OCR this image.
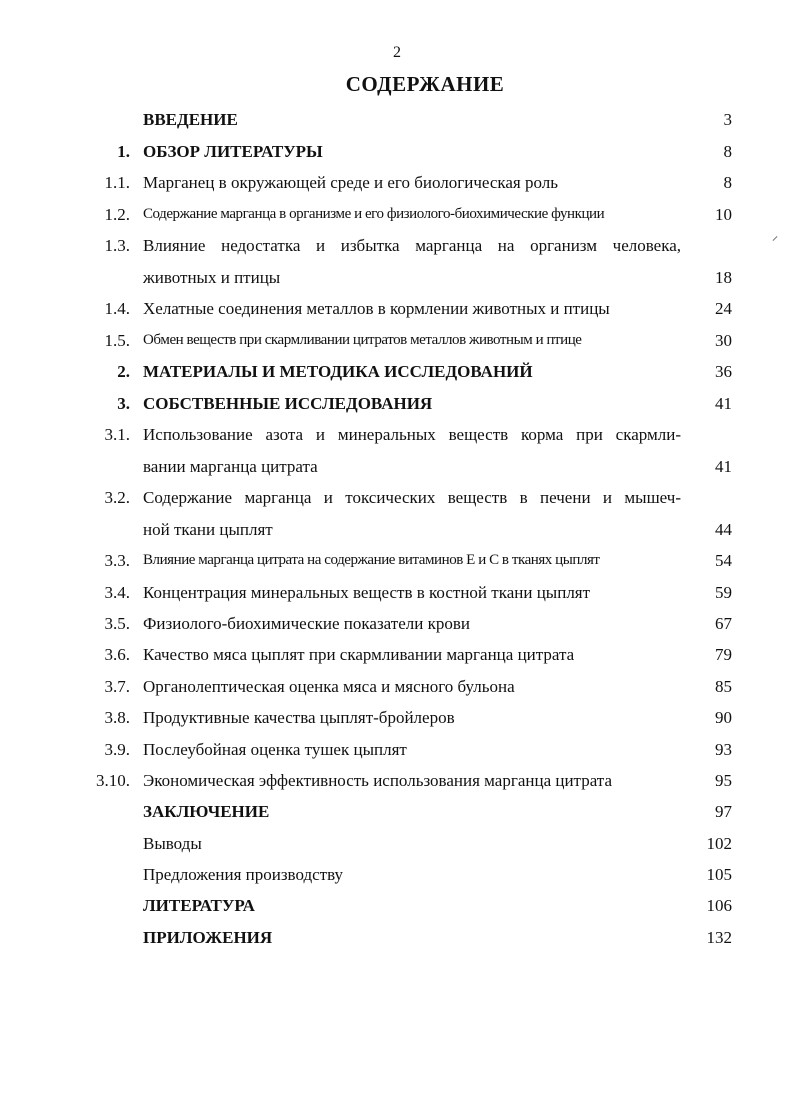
2
СОДЕРЖАНИЕ
ВВЕДЕНИЕ	3
1. ОБЗОР ЛИТЕРАТУРЫ	8
1.1. Марганец в окружающей среде и его биологическая роль	8
1.2. Содержание марганца в организме и его физиолого-биохимические функции	10
1.3. Влияние недостатка и избытка марганца на организм человека,
животных и птицы	18
1.4. Хелатные соединения металлов в кормлении животных и птицы	24
1.5. Обмен веществ при скармливании цитратов металлов животным и птице	30
2. МАТЕРИАЛЫ И МЕТОДИКА ИССЛЕДОВАНИЙ	36
3. СОБСТВЕННЫЕ ИССЛЕДОВАНИЯ	41
3.1. Использование азота и минеральных веществ корма при скармли-
вании марганца цитрата	41
3.2. Содержание марганца и токсических веществ в печени и мышеч-
ной ткани цыплят	44
3.3. Влияние марганца цитрата на содержание витаминов Е и С в тканях цыплят	54
3.4. Концентрация минеральных веществ в костной ткани цыплят	59
3.5. Физиолого-биохимические показатели крови	67
3.6. Качество мяса цыплят при скармливании марганца цитрата	79
3.7. Органолептическая оценка мяса и мясного бульона	85
3.8. Продуктивные качества цыплят-бройлеров	90
3.9. Послеубойная оценка тушек цыплят	93
3.10. Экономическая эффективность использования марганца цитрата	95
ЗАКЛЮЧЕНИЕ	97
Выводы	102
Предложения производству	105
ЛИТЕРАТУРА	106
ПРИЛОЖЕНИЯ	132
